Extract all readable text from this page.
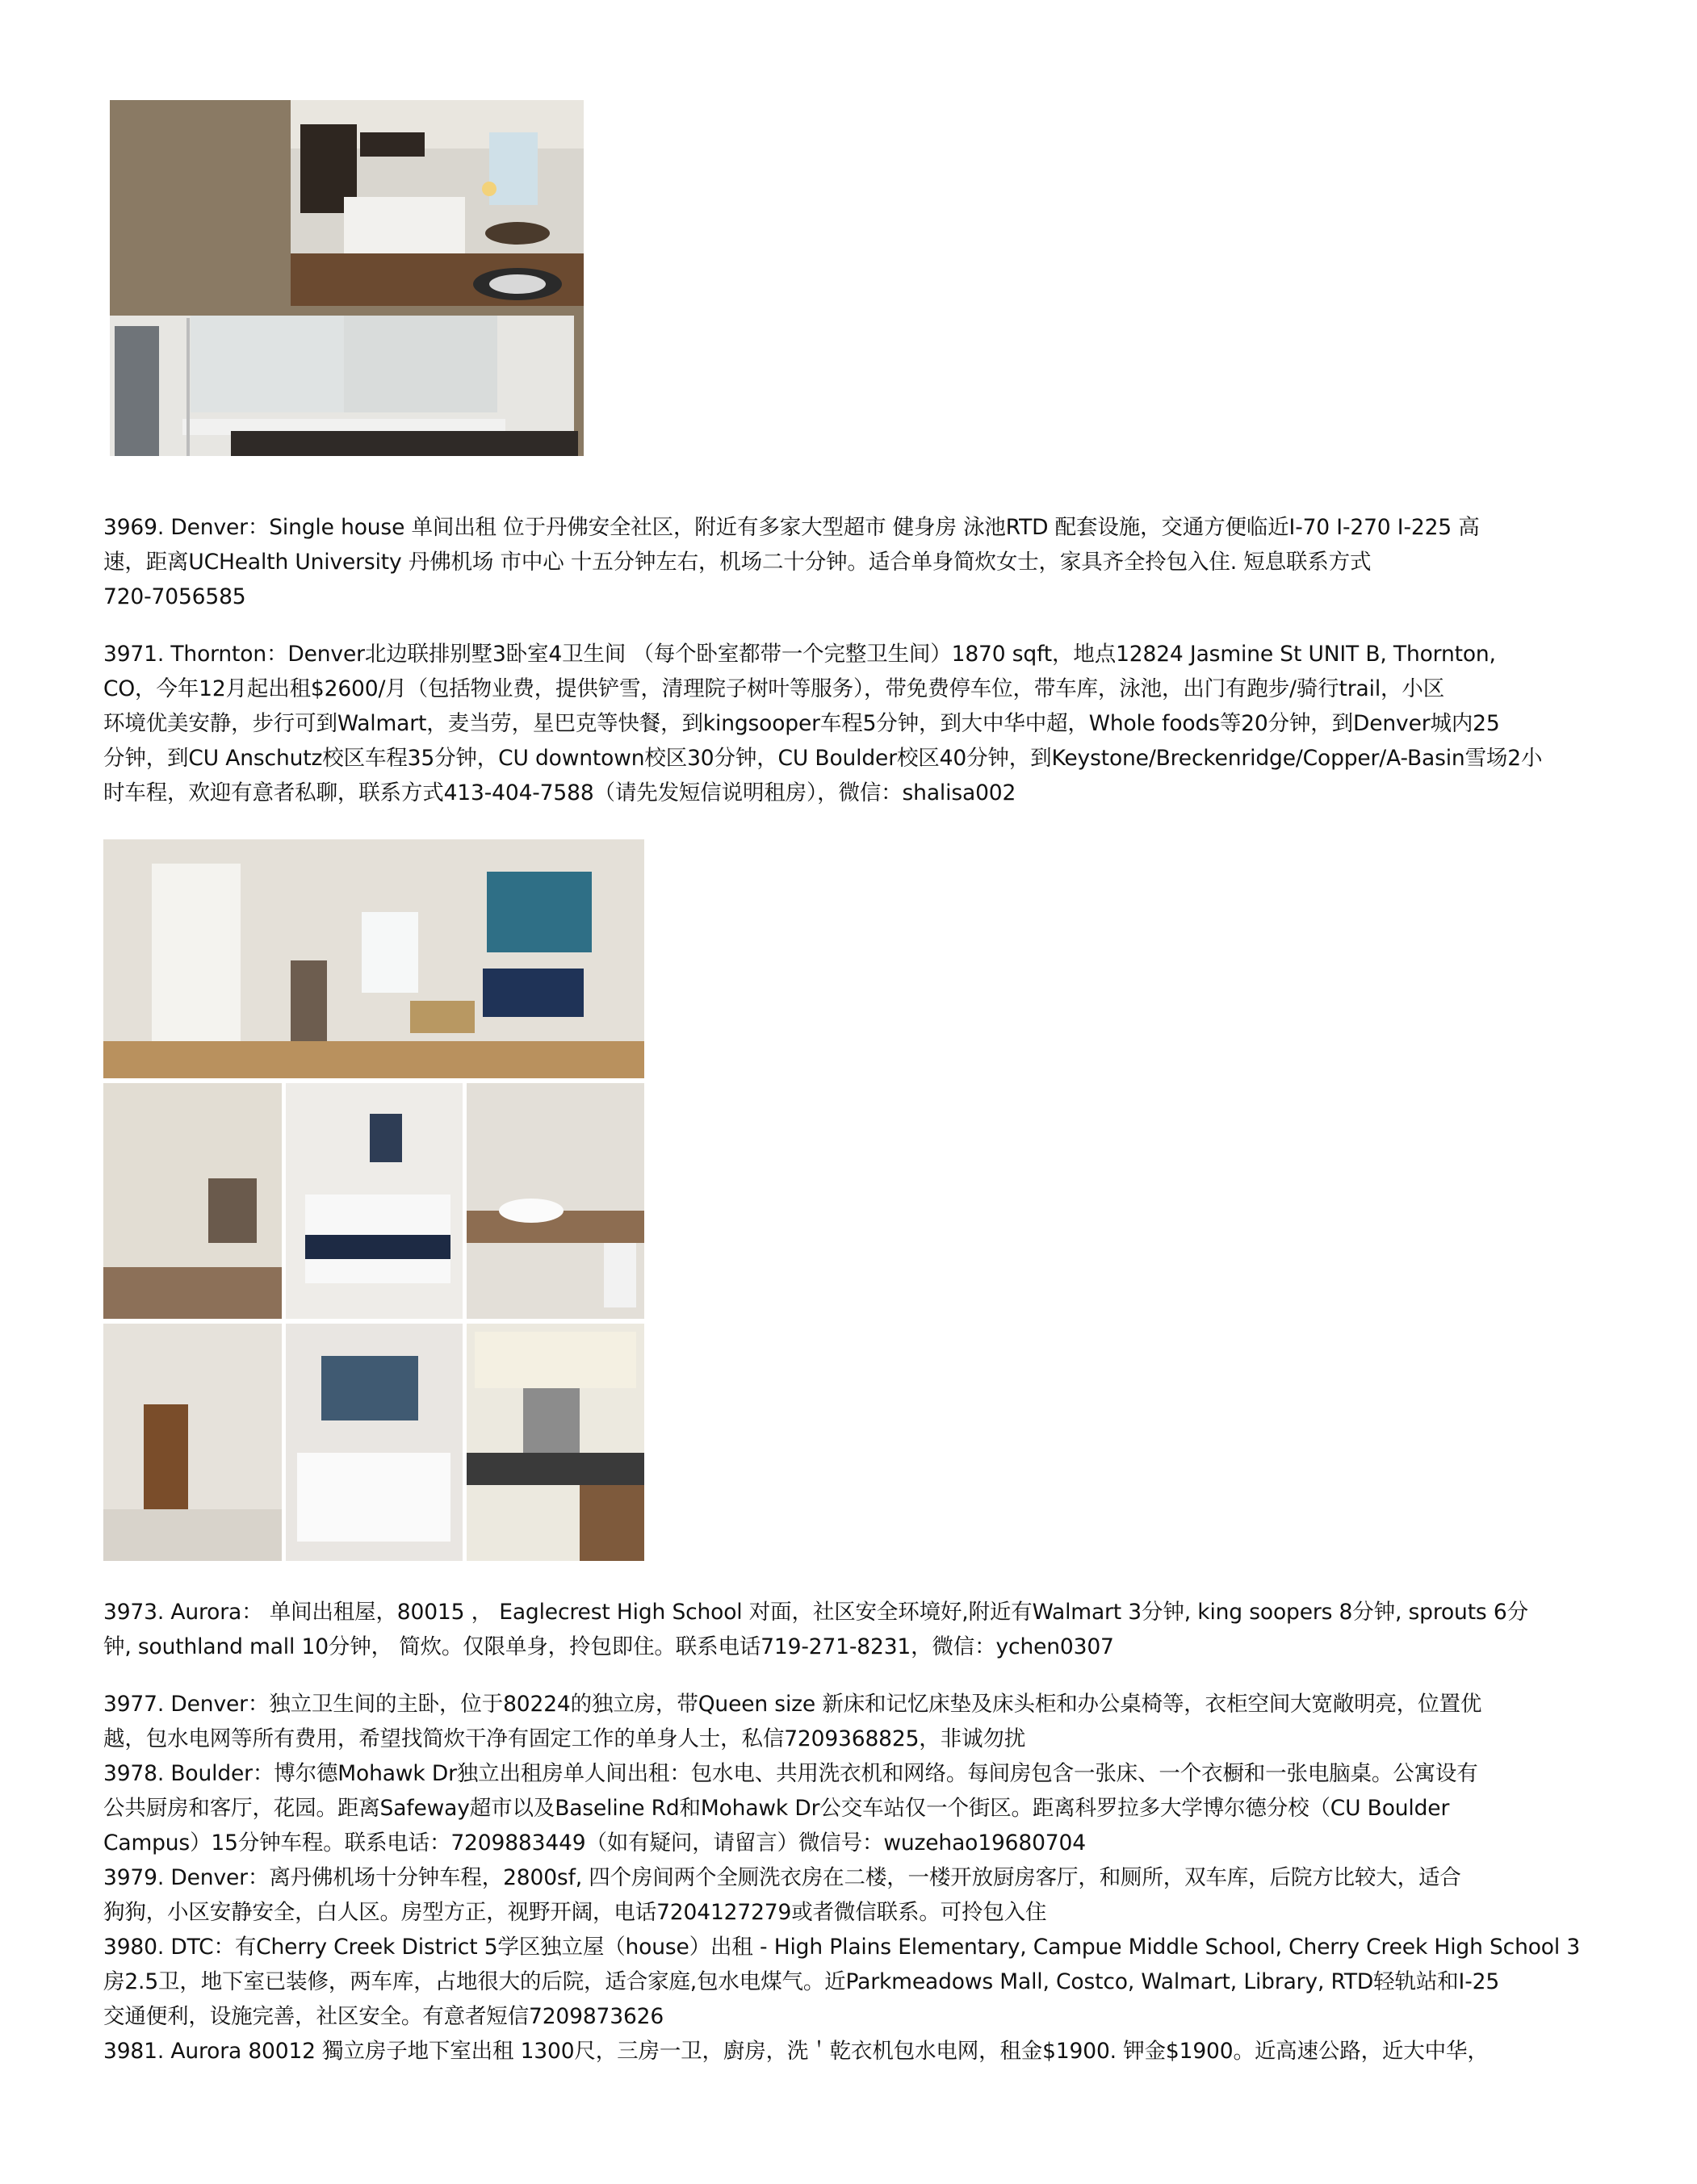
3969. Denver：Single house 单间出租 位于丹佛安全社区，附近有多家大型超市 健身房 泳池RTD 配套设施，交通方便临近I-70 I-270 I-225 高
速，距离UCHealth University 丹佛机场 市中心 十五分钟左右，机场二十分钟。适合单身简炊女士，家具齐全拎包入住. 短息联系方式
720-7056585

3971. Thornton：Denver北边联排别墅3卧室4卫生间 （每个卧室都带一个完整卫生间）1870 sqft，地点12824 Jasmine St UNIT B, Thornton,
CO，今年12月起出租$2600/月（包括物业费，提供铲雪，清理院子树叶等服务），带免费停车位，带车库，泳池，出门有跑步/骑行trail，小区
环境优美安静，步行可到Walmart，麦当劳，星巴克等快餐，到kingsooper车程5分钟，到大中华中超，Whole foods等20分钟，到Denver城内25
分钟，到CU Anschutz校区车程35分钟，CU downtown校区30分钟，CU Boulder校区40分钟，到Keystone/Breckenridge/Copper/A-Basin雪场2小
时车程，欢迎有意者私聊，联系方式413-404-7588（请先发短信说明租房），微信：shalisa002

3973. Aurora： 单间出租屋，80015 ， Eaglecrest High School 对面，社区安全环境好,附近有Walmart 3分钟, king soopers 8分钟, sprouts 6分
钟, southland mall 10分钟， 简炊。仅限单身，拎包即住。联系电话719-271-8231，微信：ychen0307

3977. Denver：独立卫生间的主卧，位于80224的独立房，带Queen size 新床和记忆床垫及床头柜和办公桌椅等，衣柜空间大宽敞明亮，位置优
越，包水电网等所有费用，希望找简炊干净有固定工作的单身人士，私信7209368825，非诚勿扰
3978. Boulder：博尔德Mohawk Dr独立出租房单人间出租：包水电、共用洗衣机和网络。每间房包含一张床、一个衣橱和一张电脑桌。公寓设有
公共厨房和客厅，花园。距离Safeway超市以及Baseline Rd和Mohawk Dr公交车站仅一个街区。距离科罗拉多大学博尔德分校（CU Boulder
Campus）15分钟车程。联系电话：7209883449（如有疑问，请留言）微信号：wuzehao19680704
3979. Denver：离丹佛机场十分钟车程，2800sf, 四个房间两个全厕洗衣房在二楼，一楼开放厨房客厅，和厕所，双车库，后院方比较大，适合
狗狗，小区安静安全，白人区。房型方正，视野开阔，电话7204127279或者微信联系。可拎包入住
3980. DTC：有Cherry Creek District 5学区独立屋（house）出租 - High Plains Elementary, Campue Middle School, Cherry Creek High School 3
房2.5卫，地下室已装修，两车库，占地很大的后院，适合家庭,包水电煤气。近Parkmeadows Mall, Costco, Walmart, Library, RTD轻轨站和I-25
交通便利，设施完善，社区安全。有意者短信7209873626
3981. Aurora 80012 獨立房子地下室出租 1300尺，三房一卫，廚房，洗＇乾衣机包水电网，租金$1900. 钾金$1900。近高速公路，近大中华，
